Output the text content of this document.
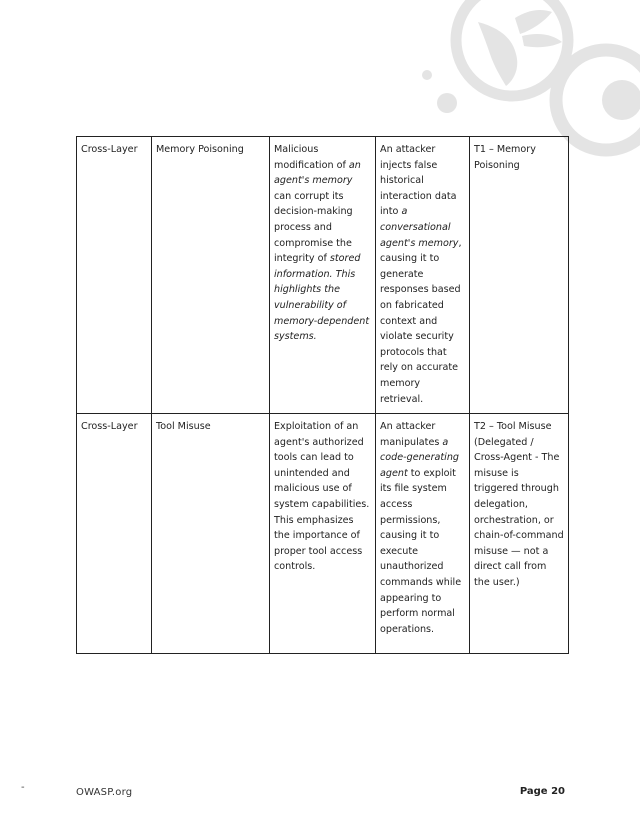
Cross-Layer	Memory Poisoning	Malicious modification of an agent's memory can corrupt its decision-making process and compromise the integrity of stored information. This highlights the vulnerability of memory-dependent systems.	An attacker injects false historical interaction data into a conversational agent's memory, causing it to generate responses based on fabricated context and violate security protocols that rely on accurate memory retrieval.	T1 – Memory Poisoning
Cross-Layer	Tool Misuse	Exploitation of an agent's authorized tools can lead to unintended and malicious use of system capabilities. This emphasizes the importance of proper tool access controls.	An attacker manipulates a code-generating agent to exploit its file system access permissions, causing it to execute unauthorized commands while appearing to perform normal operations.	T2 – Tool Misuse (Delegated / Cross-Agent - The misuse is triggered through delegation, orchestration, or chain-of-command misuse — not a direct call from the user.)
-	OWASP.org	Page 20
